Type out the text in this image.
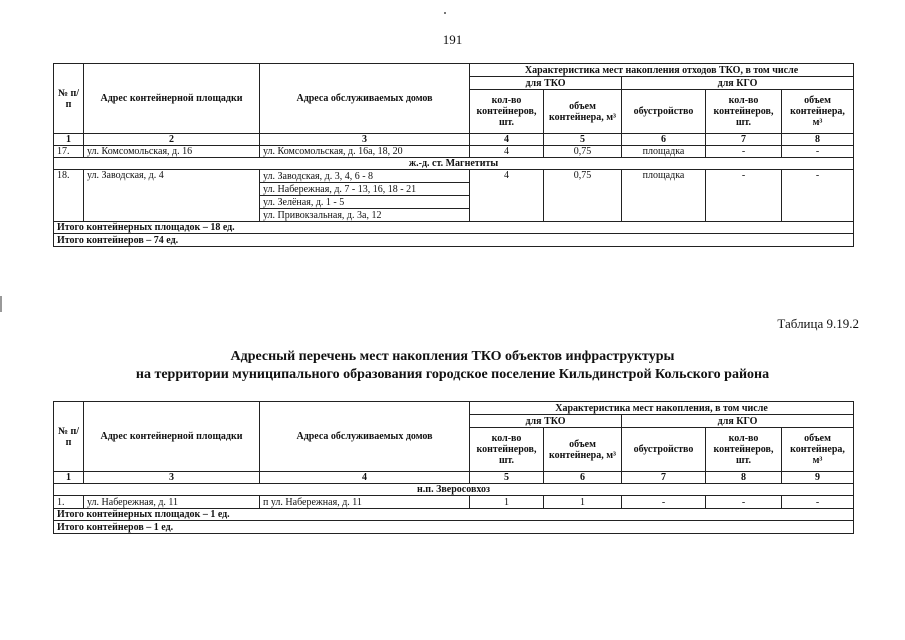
191
№ п/п	Адрес контейнерной площадки	Адреса обслуживаемых домов	Характеристика мест накопления отходов ТКО, в том числе				
			для ТКО		для КГО		
			кол-во контейнеров, шт.	объем контейнера, м³	обустройство	кол-во контейнеров, шт.	объем контейнера, м³
1	2	3	4	5	6	7	8
17.	ул. Комсомольская, д. 16	ул. Комсомольская, д. 16а, 18, 20	4	0,75	площадка	-	-
ж.-д. ст. Магнетиты							
18.	ул. Заводская, д. 4	ул. Заводская, д. 3, 4, 6 - 8	4	0,75	площадка	-	-
		ул. Набережная, д. 7 - 13, 16, 18 - 21					
		ул. Зелёная, д. 1 - 5					
		ул. Привокзальная, д. 3а, 12					
Итого контейнерных площадок – 18 ед.							
Итого контейнеров – 74 ед.							
Таблица 9.19.2
Адресный перечень мест накопления ТКО объектов инфраструктуры
на территории муниципального образования городское поселение Кильдинстрой Кольского района
№ п/п	Адрес контейнерной площадки	Адреса обслуживаемых домов	Характеристика мест накопления, в том числе				
			для ТКО		для КГО		
			кол-во контейнеров, шт.	объем контейнера, м³	обустройство	кол-во контейнеров, шт.	объем контейнера, м³
1	3	4	5	6	7	8	9
н.п. Зверосовхоз							
1.	ул. Набережная, д. 11	п ул. Набережная, д. 11	1	1	-	-	-
Итого контейнерных площадок – 1 ед.							
Итого контейнеров – 1 ед.							
